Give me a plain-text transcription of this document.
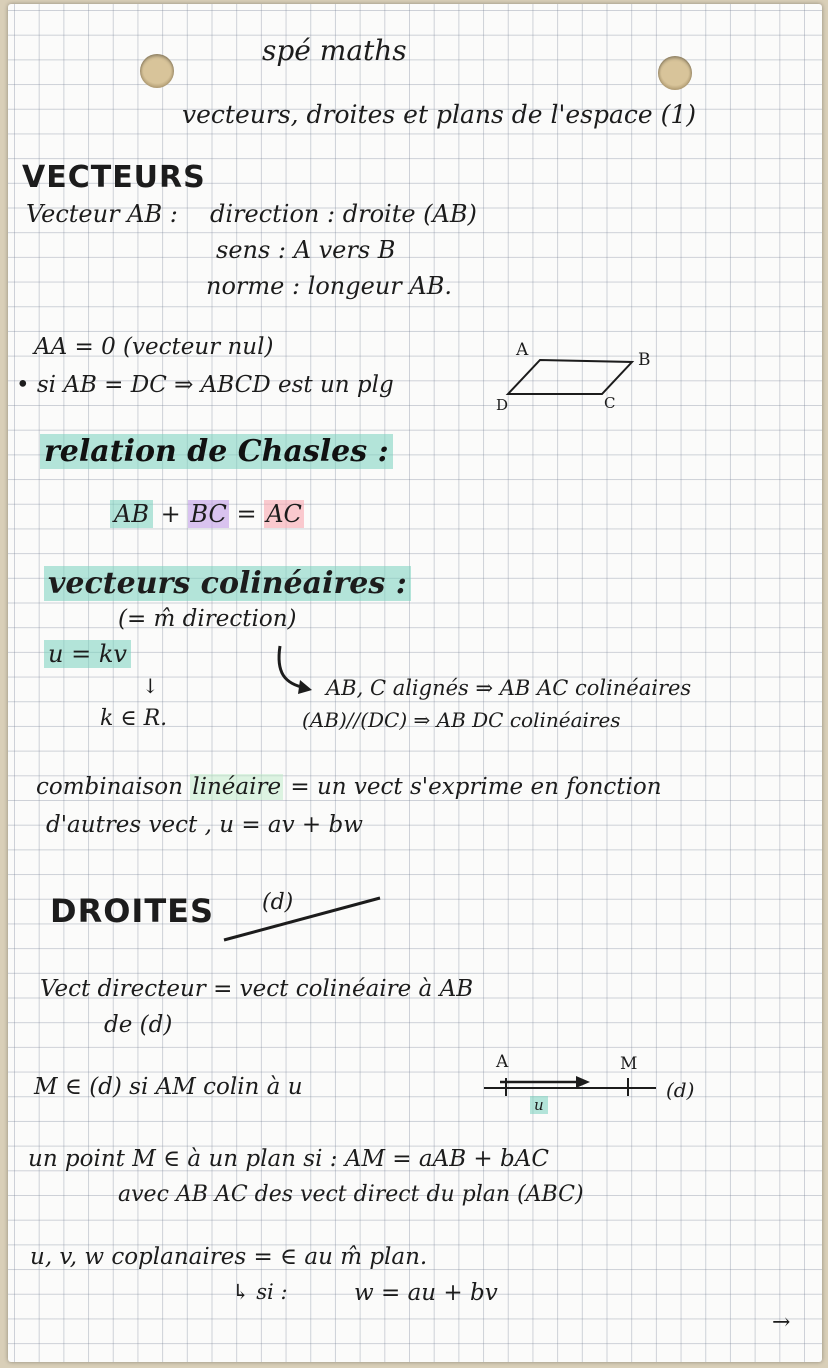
spé maths
vecteurs, droites et plans de l'espace (1)
VECTEURS
Vecteur AB : direction : droite (AB)
sens : A vers B
norme : longeur AB.
AA = 0 (vecteur nul)
• si AB = DC ⇒ ABCD est un plg
A	B
D	C
relation de Chasles :
AB + BC = AC
vecteurs colinéaires :
(= m̂ direction)
u = kv
↓
k ∈ R.
AB, C alignés ⇒ AB AC colinéaires
(AB)//(DC) ⇒ AB DC colinéaires
combinaison linéaire = un vect s'exprime en fonction
d'autres vect , u = av + bw
DROITES (d)
Vect directeur = vect colinéaire à AB
de (d)
M ∈ (d) si AM colin à u
A	M
u
(d)
un point M ∈ à un plan si : AM = aAB + bAC
avec AB AC des vect direct du plan (ABC)
u, v, w coplanaires = ∈ au m̂ plan.
↳ si :	w = au + bv
→
